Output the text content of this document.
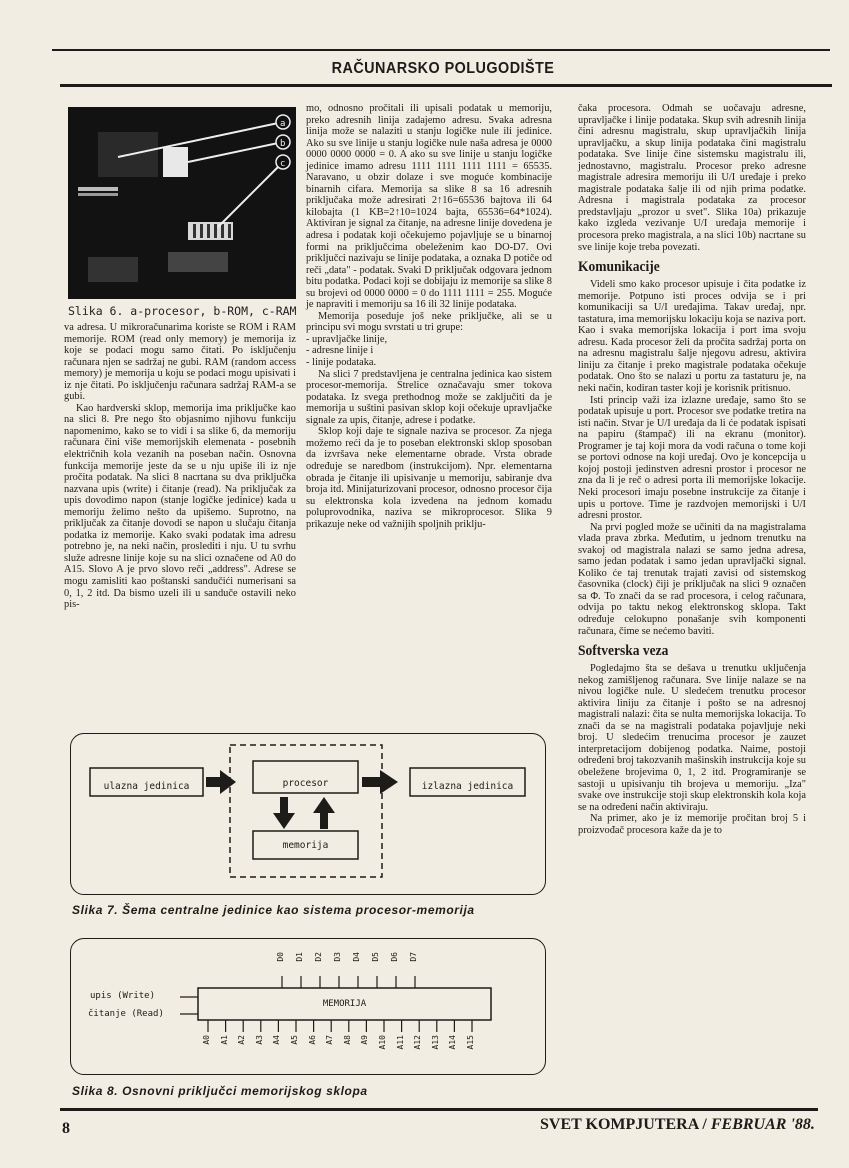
RAČUNARSKO POLUGODIŠTE
a
b
c
Slika 6. a-procesor, b-ROM, c-RAM

va adresa. U mikroračunarima koriste se ROM i RAM memorije. ROM (read only memory) je memorija iz koje se podaci mogu samo čitati. Po isključenju računara njen se sadržaj ne gubi. RAM (random access memory) je memorija u koju se podaci mogu upisivati i iz nje čitati. Po isključenju računara sadržaj RAM-a se gubi.

Kao hardverski sklop, memorija ima priključke kao na slici 8. Pre nego što objasnimo njihovu funkciju napomenimo, kako se to vidi i sa slike 6, da memoriju računara čini više memorijskih elemenata - posebnih električnih kola vezanih na poseban način. Osnovna funkcija memorije jeste da se u nju upiše ili iz nje pročita podatak. Na slici 8 nacrtana su dva priključka nazvana upis (write) i čitanje (read). Na priključak za upis dovodimo napon (stanje logičke jedinice) kada u memoriju želimo nešto da upišemo. Suprotno, na priključak za čitanje dovodi se napon u slučaju čitanja podatka iz memorije. Kako svaki podatak ima adresu potrebno je, na neki način, proslediti i nju. U tu svrhu služe adresne linije koje su na slici označene od A0 do A15. Slovo A je prvo slovo reči „address". Adrese se mogu zamisliti kao poštanski sandučići numerisani sa 0, 1, 2 itd. Da bismo uzeli ili u sanduče ostavili neko pis-

mo, odnosno pročitali ili upisali podatak u memoriju, preko adresnih linija zadajemo adresu. Svaka adresna linija može se nalaziti u stanju logičke nule ili jedinice. Ako su sve linije u stanju logičke nule naša adresa je 0000 0000 0000 0000 = 0. A ako su sve linije u stanju logičke jedinice imamo adresu 1111 1111 1111 1111 = 65535. Naravano, u obzir dolaze i sve moguće kombinacije binarnih cifara. Memorija sa slike 8 sa 16 adresnih priključaka može adresirati 2↑16=65536 bajtova ili 64 kilobajta (1 KB=2↑10=1024 bajta, 65536=64*1024). Aktiviran je signal za čitanje, na adresne linije dovedena je adresa i podatak koji očekujemo pojavljuje se u binarnoj formi na priključcima obeleženim kao DO-D7. Ovi priključci nazivaju se linije podataka, a oznaka D potiče od reči „data" - podatak. Svaki D priključak odgovara jednom bitu podatka. Podaci koji se dobijaju iz memorije sa slike 8 su brojevi od 0000 0000 = 0 do 1111 1111 = 255. Moguće je napraviti i memoriju sa 16 ili 32 linije podataka.

Memorija poseduje još neke priključke, ali se u principu svi mogu svrstati u tri grupe:

- upravljačke linije,

- adresne linije i

- linije podataka.

Na slici 7 predstavljena je centralna jedinica kao sistem procesor-memorija. Strelice označavaju smer tokova podataka. Iz svega prethodnog može se zaključiti da je memorija u suštini pasivan sklop koji očekuje upravljačke signale za upis, čitanje, adrese i podatke.

Sklop koji daje te signale naziva se procesor. Za njega možemo reći da je to poseban elektronski sklop sposoban da izvršava neke elementarne obrade. Vrsta obrade određuje se naredbom (instrukcijom). Npr. elementarna obrada je čitanje ili upisivanje u memoriju, sabiranje dva broja itd. Minijaturizovani procesor, odnosno procesor čija su elektronska kola izvedena na jednom komadu poluprovodnika, naziva se mikroprocesor. Slika 9 prikazuje neke od važnijih spoljnih priklju-

čaka procesora. Odmah se uočavaju adresne, upravljačke i linije podataka. Skup svih adresnih linija čini adresnu magistralu, skup upravljačkih linija upravljačku, a skup linija podataka čini magistralu podataka. Sve linije čine sistemsku magistralu ili, jednostavno, magistralu. Procesor preko adresne magistrale adresira memoriju ili U/I uređaje i preko magistrale podataka šalje ili od njih prima podatke. Adresna i magistrala podataka za procesor predstavljaju „prozor u svet". Slika 10a) prikazuje kako izgleda vezivanje U/I uređaja memorije i procesora preko magistrala, a na slici 10b) nacrtane su sve linije koje treba povezati.

Komunikacije

Videli smo kako procesor upisuje i čita podatke iz memorije. Potpuno isti proces odvija se i pri komunikaciji sa U/I uređajima. Takav uređaj, npr. tastatura, ima memorijsku lokaciju koja se naziva port. Kao i svaka memorijska lokacija i port ima svoju adresu. Kada procesor želi da pročita sadržaj porta on na adresnu magistralu šalje njegovu adresu, aktivira liniju za čitanje i preko magistrale podataka očekuje podatak. Ono što se nalazi u portu za tastaturu je, na neki način, kodiran taster koji je korisnik pritisnuo.

Isti princip važi iza izlazne uređaje, samo što se podatak upisuje u port. Procesor sve podatke tretira na isti način. Stvar je U/I uređaja da li će podatak ispisati na papiru (štampač) ili na ekranu (monitor). Programer je taj koji mora da vodi računa o tome koji se portovi odnose na koji uređaj. Ovo je koncepcija u kojoj postoji jedinstven adresni prostor i procesor ne zna da li je reč o adresi porta ili memorijske lokacije. Neki procesori imaju posebne instrukcije za čitanje i upis u portove. Time je razdvojen memorijski i U/I adresni prostor.

Na prvi pogled može se učiniti da na magistralama vlada prava zbrka. Međutim, u jednom trenutku na svakoj od magistrala nalazi se samo jedna adresa, samo jedan podatak i samo jedan upravljački signal. Koliko će taj trenutak trajati zavisi od sistemskog časovnika (clock) čiji je priključak na slici 9 označen sa Φ. To znači da se rad procesora, i celog računara, odvija po taktu nekog elektronskog sklopa. Takt određuje celokupno ponašanje svih komponenti računara, čime se nećemo baviti.

Softverska veza

Pogledajmo šta se dešava u trenutku uključenja nekog zamišljenog računara. Sve linije nalaze se na nivou logičke nule. U sledećem trenutku procesor aktivira liniju za čitanje i pošto se na adresnoj magistrali nalazi: čita se nulta memorijska lokacija. To znači da se na magistrali podataka pojavljuje neki broj. U sledećim trenucima procesor je zauzet interpretacijom dobijenog podatka. Naime, postoji određeni broj takozvanih mašinskih instrukcija koje su obeležene brojevima 0, 1, 2 itd. Programiranje se sastoji u upisivanju tih brojeva u memoriju. „Iza" svake ove instrukcije stoji skup elektronskih kola koja se na određeni način aktiviraju.

Na primer, ako je iz memorije pročitan broj 5 i proizvođač procesora kaže da je to

ulazna jedinica	procesor	izlazna jedinica
memorija
Slika 7. Šema centralne jedinice kao sistema procesor-memorija
MEMORIJA
upis (Write)
čitanje (Read)
D0 D1 D2 D3 D4 D5 D6 D7
A0 A1 A2 A3 A4 A5 A6 A7 A8 A9 A10 A11 A12 A13 A14 A15
Slika 8. Osnovni priključci memorijskog sklopa
8	SVET KOMPJUTERA / FEBRUAR '88.
